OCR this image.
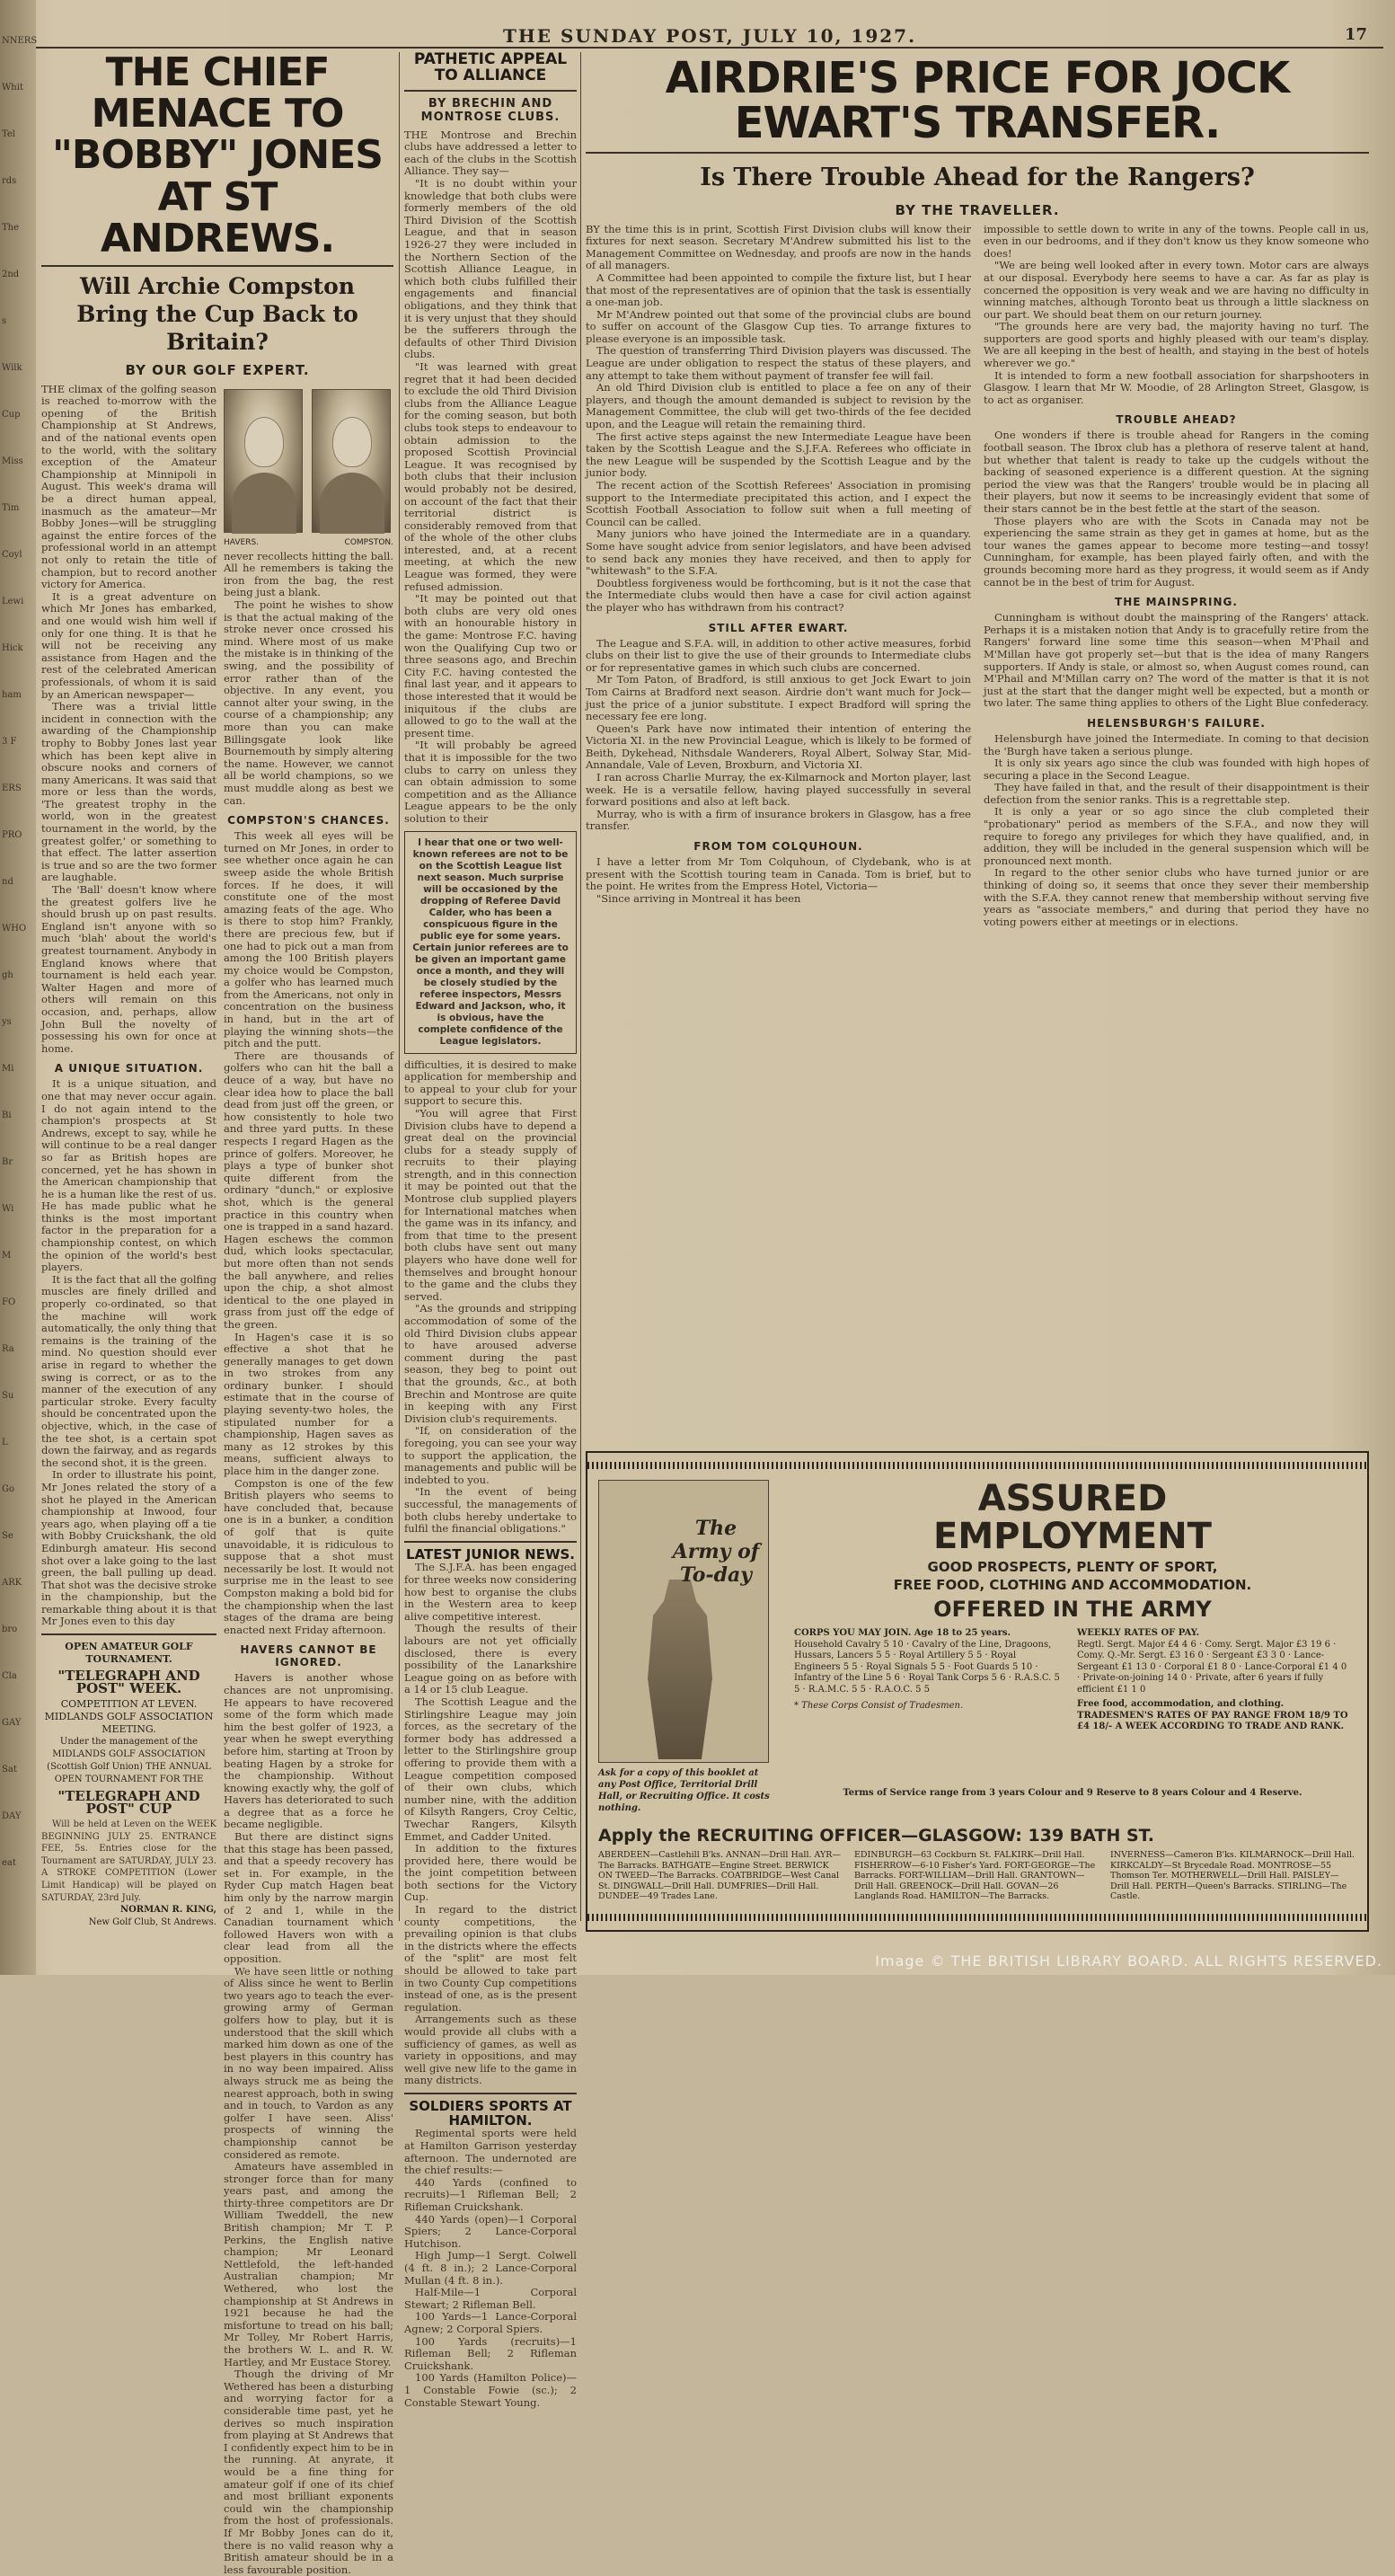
NNERS
Whit
Tel
rds
The
2nd
s
Wilk
Cup
Miss
Tim
Coyl
Lewi
Hick
ham
3 F
ERS
PRO
nd
WHO
gh
ys
Mi
Bi
Br
Wi
M
FO
Ra
Su
L
Go
Se
ARK
bro
Cla
GAY
Sat
DAY
eat
THE SUNDAY POST, JULY 10, 1927.	17
THE CHIEF MENACE TO "BOBBY" JONES AT ST ANDREWS.
Will Archie Compston Bring the Cup Back to Britain?
BY OUR GOLF EXPERT.

THE climax of the golfing season is reached to-morrow with the opening of the British Championship at St Andrews, and of the national events open to the world, with the solitary exception of the Amateur Championship at Minnipoli in August. This week's drama will be a direct human appeal, inasmuch as the amateur—Mr Bobby Jones—will be struggling against the entire forces of the professional world in an attempt not only to retain the title of champion, but to record another victory for America.

It is a great adventure on which Mr Jones has embarked, and one would wish him well if only for one thing. It is that he will not be receiving any assistance from Hagen and the rest of the celebrated American professionals, of whom it is said by an American newspaper—

There was a trivial little incident in connection with the awarding of the Championship trophy to Bobby Jones last year which has been kept alive in obscure nooks and corners of many Americans. It was said that more or less than the words, 'The greatest trophy in the world, won in the greatest tournament in the world, by the greatest golfer,' or something to that effect. The latter assertion is true and so are the two former are laughable.

The 'Ball' doesn't know where the greatest golfers live he should brush up on past results. England isn't anyone with so much 'blah' about the world's greatest tournament. Anybody in England knows where that tournament is held each year. Walter Hagen and more of others will remain on this occasion, and, perhaps, allow John Bull the novelty of possessing his own for once at home.

A UNIQUE SITUATION.

It is a unique situation, and one that may never occur again. I do not again intend to the champion's prospects at St Andrews, except to say, while he will continue to be a real danger so far as British hopes are concerned, yet he has shown in the American championship that he is a human like the rest of us. He has made public what he thinks is the most important factor in the preparation for a championship contest, on which the opinion of the world's best players.

It is the fact that all the golfing muscles are finely drilled and properly co-ordinated, so that the machine will work automatically, the only thing that remains is the training of the mind. No question should ever arise in regard to whether the swing is correct, or as to the manner of the execution of any particular stroke. Every faculty should be concentrated upon the objective, which, in the case of the tee shot, is a certain spot down the fairway, and as regards the second shot, it is the green.

In order to illustrate his point, Mr Jones related the story of a shot he played in the American championship at Inwood, four years ago, when playing off a tie with Bobby Cruickshank, the old Edinburgh amateur. His second shot over a lake going to the last green, the ball pulling up dead. That shot was the decisive stroke in the championship, but the remarkable thing about it is that Mr Jones even to this day

OPEN AMATEUR GOLF TOURNAMENT.
"TELEGRAPH AND POST" WEEK.
COMPETITION AT LEVEN. MIDLANDS GOLF ASSOCIATION MEETING.
Under the management of the MIDLANDS GOLF ASSOCIATION (Scottish Golf Union) THE ANNUAL OPEN TOURNAMENT FOR THE
"TELEGRAPH AND POST" CUP

Will be held at Leven on the WEEK BEGINNING JULY 25. ENTRANCE FEE, 5s. Entries close for the Tournament are SATURDAY, JULY 23. A STROKE COMPETITION (Lower Limit Handicap) will be played on SATURDAY, 23rd July.

NORMAN R. KING,
New Golf Club, St Andrews.
HAVERS.	COMPSTON.

never recollects hitting the ball. All he remembers is taking the iron from the bag, the rest being just a blank.

The point he wishes to show is that the actual making of the stroke never once crossed his mind. Where most of us make the mistake is in thinking of the swing, and the possibility of error rather than of the objective. In any event, you cannot alter your swing, in the course of a championship; any more than you can make Billingsgate look like Bournemouth by simply altering the name. However, we cannot all be world champions, so we must muddle along as best we can.

COMPSTON'S CHANCES.

This week all eyes will be turned on Mr Jones, in order to see whether once again he can sweep aside the whole British forces. If he does, it will constitute one of the most amazing feats of the age. Who is there to stop him? Frankly, there are precious few, but if one had to pick out a man from among the 100 British players my choice would be Compston, a golfer who has learned much from the Americans, not only in concentration on the business in hand, but in the art of playing the winning shots—the pitch and the putt.

There are thousands of golfers who can hit the ball a deuce of a way, but have no clear idea how to place the ball dead from just off the green, or how consistently to hole two and three yard putts. In these respects I regard Hagen as the prince of golfers. Moreover, he plays a type of bunker shot quite different from the ordinary "dunch," or explosive shot, which is the general practice in this country when one is trapped in a sand hazard. Hagen eschews the common dud, which looks spectacular, but more often than not sends the ball anywhere, and relies upon the chip, a shot almost identical to the one played in grass from just off the edge of the green.

In Hagen's case it is so effective a shot that he generally manages to get down in two strokes from any ordinary bunker. I should estimate that in the course of playing seventy-two holes, the stipulated number for a championship, Hagen saves as many as 12 strokes by this means, sufficient always to place him in the danger zone.

Compston is one of the few British players who seems to have concluded that, because one is in a bunker, a condition of golf that is quite unavoidable, it is ridiculous to suppose that a shot must necessarily be lost. It would not surprise me in the least to see Compston making a bold bid for the championship when the last stages of the drama are being enacted next Friday afternoon.

HAVERS CANNOT BE IGNORED.

Havers is another whose chances are not unpromising. He appears to have recovered some of the form which made him the best golfer of 1923, a year when he swept everything before him, starting at Troon by beating Hagen by a stroke for the championship. Without knowing exactly why, the golf of Havers has deteriorated to such a degree that as a force he became negligible.

But there are distinct signs that this stage has been passed, and that a speedy recovery has set in. For example, in the Ryder Cup match Hagen beat him only by the narrow margin of 2 and 1, while in the Canadian tournament which followed Havers won with a clear lead from all the opposition.

We have seen little or nothing of Aliss since he went to Berlin two years ago to teach the ever-growing army of German golfers how to play, but it is understood that the skill which marked him down as one of the best players in this country has in no way been impaired. Aliss always struck me as being the nearest approach, both in swing and in touch, to Vardon as any golfer I have seen. Aliss' prospects of winning the championship cannot be considered as remote.

Amateurs have assembled in stronger force than for many years past, and among the thirty-three competitors are Dr William Tweddell, the new British champion; Mr T. P. Perkins, the English native champion; Mr Leonard Nettlefold, the left-handed Australian champion; Mr Wethered, who lost the championship at St Andrews in 1921 because he had the misfortune to tread on his ball; Mr Tolley, Mr Robert Harris, the brothers W. L. and R. W. Hartley, and Mr Eustace Storey.

Though the driving of Mr Wethered has been a disturbing and worrying factor for a considerable time past, yet he derives so much inspiration from playing at St Andrews that I confidently expect him to be in the running. At anyrate, it would be a fine thing for amateur golf if one of its chief and most brilliant exponents could win the championship from the host of professionals. If Mr Bobby Jones can do it, there is no valid reason why a British amateur should be in a less favourable position.

PATHETIC APPEAL TO ALLIANCE
BY BRECHIN AND MONTROSE CLUBS.

THE Montrose and Brechin clubs have addressed a letter to each of the clubs in the Scottish Alliance. They say—

"It is no doubt within your knowledge that both clubs were formerly members of the old Third Division of the Scottish League, and that in season 1926-27 they were included in the Northern Section of the Scottish Alliance League, in which both clubs fulfilled their engagements and financial obligations, and they think that it is very unjust that they should be the sufferers through the defaults of other Third Division clubs.

"It was learned with great regret that it had been decided to exclude the old Third Division clubs from the Alliance League for the coming season, but both clubs took steps to endeavour to obtain admission to the proposed Scottish Provincial League. It was recognised by both clubs that their inclusion would probably not be desired, on account of the fact that their territorial district is considerably removed from that of the whole of the other clubs interested, and, at a recent meeting, at which the new League was formed, they were refused admission.

"It may be pointed out that both clubs are very old ones with an honourable history in the game: Montrose F.C. having won the Qualifying Cup two or three seasons ago, and Brechin City F.C. having contested the final last year, and it appears to those interested that it would be iniquitous if the clubs are allowed to go to the wall at the present time.

"It will probably be agreed that it is impossible for the two clubs to carry on unless they can obtain admission to some competition and as the Alliance League appears to be the only solution to their

I hear that one or two well-known referees are not to be on the Scottish League list next season. Much surprise will be occasioned by the dropping of Referee David Calder, who has been a conspicuous figure in the public eye for some years. Certain junior referees are to be given an important game once a month, and they will be closely studied by the referee inspectors, Messrs Edward and Jackson, who, it is obvious, have the complete confidence of the League legislators.

difficulties, it is desired to make application for membership and to appeal to your club for your support to secure this.

"You will agree that First Division clubs have to depend a great deal on the provincial clubs for a steady supply of recruits to their playing strength, and in this connection it may be pointed out that the Montrose club supplied players for International matches when the game was in its infancy, and from that time to the present both clubs have sent out many players who have done well for themselves and brought honour to the game and the clubs they served.

"As the grounds and stripping accommodation of some of the old Third Division clubs appear to have aroused adverse comment during the past season, they beg to point out that the grounds, &c., at both Brechin and Montrose are quite in keeping with any First Division club's requirements.

"If, on consideration of the foregoing, you can see your way to support the application, the managements and public will be indebted to you.

"In the event of being successful, the managements of both clubs hereby undertake to fulfil the financial obligations."

LATEST JUNIOR NEWS.

The S.J.F.A. has been engaged for three weeks now considering how best to organise the clubs in the Western area to keep alive competitive interest.

Though the results of their labours are not yet officially disclosed, there is every possibility of the Lanarkshire League going on as before with a 14 or 15 club League.

The Scottish League and the Stirlingshire League may join forces, as the secretary of the former body has addressed a letter to the Stirlingshire group offering to provide them with a League competition composed of their own clubs, which number nine, with the addition of Kilsyth Rangers, Croy Celtic, Twechar Rangers, Kilsyth Emmet, and Cadder United.

In addition to the fixtures provided here, there would be the joint competition between both sections for the Victory Cup.

In regard to the district county competitions, the prevailing opinion is that clubs in the districts where the effects of the "split" are most felt should be allowed to take part in two County Cup competitions instead of one, as is the present regulation.

Arrangements such as these would provide all clubs with a sufficiency of games, as well as variety in oppositions, and may well give new life to the game in many districts.

SOLDIERS SPORTS AT HAMILTON.

Regimental sports were held at Hamilton Garrison yesterday afternoon. The undernoted are the chief results:—

440 Yards (confined to recruits)—1 Rifleman Bell; 2 Rifleman Cruickshank.

440 Yards (open)—1 Corporal Spiers; 2 Lance-Corporal Hutchison.

High Jump—1 Sergt. Colwell (4 ft. 8 in.); 2 Lance-Corporal Mullan (4 ft. 8 in.).

Half-Mile—1 Corporal Stewart; 2 Rifleman Bell.

100 Yards—1 Lance-Corporal Agnew; 2 Corporal Spiers.

100 Yards (recruits)—1 Rifleman Bell; 2 Rifleman Cruickshank.

100 Yards (Hamilton Police)—1 Constable Fowie (sc.); 2 Constable Stewart Young.

AIRDRIE'S PRICE FOR JOCK EWART'S TRANSFER.
Is There Trouble Ahead for the Rangers?
BY THE TRAVELLER.

BY the time this is in print, Scottish First Division clubs will know their fixtures for next season. Secretary M'Andrew submitted his list to the Management Committee on Wednesday, and proofs are now in the hands of all managers.

A Committee had been appointed to compile the fixture list, but I hear that most of the representatives are of opinion that the task is essentially a one-man job.

Mr M'Andrew pointed out that some of the provincial clubs are bound to suffer on account of the Glasgow Cup ties. To arrange fixtures to please everyone is an impossible task.

The question of transferring Third Division players was discussed. The League are under obligation to respect the status of these players, and any attempt to take them without payment of transfer fee will fail.

An old Third Division club is entitled to place a fee on any of their players, and though the amount demanded is subject to revision by the Management Committee, the club will get two-thirds of the fee decided upon, and the League will retain the remaining third.

The first active steps against the new Intermediate League have been taken by the Scottish League and the S.J.F.A. Referees who officiate in the new League will be suspended by the Scottish League and by the junior body.

The recent action of the Scottish Referees' Association in promising support to the Intermediate precipitated this action, and I expect the Scottish Football Association to follow suit when a full meeting of Council can be called.

Many juniors who have joined the Intermediate are in a quandary. Some have sought advice from senior legislators, and have been advised to send back any monies they have received, and then to apply for "whitewash" to the S.F.A.

Doubtless forgiveness would be forthcoming, but is it not the case that the Intermediate clubs would then have a case for civil action against the player who has withdrawn from his contract?

STILL AFTER EWART.

The League and S.F.A. will, in addition to other active measures, forbid clubs on their list to give the use of their grounds to Intermediate clubs or for representative games in which such clubs are concerned.

Mr Tom Paton, of Bradford, is still anxious to get Jock Ewart to join Tom Cairns at Bradford next season. Airdrie don't want much for Jock—just the price of a junior substitute. I expect Bradford will spring the necessary fee ere long.

Queen's Park have now intimated their intention of entering the Victoria XI. in the new Provincial League, which is likely to be formed of Beith, Dykehead, Nithsdale Wanderers, Royal Albert, Solway Star, Mid-Annandale, Vale of Leven, Broxburn, and Victoria XI.

I ran across Charlie Murray, the ex-Kilmarnock and Morton player, last week. He is a versatile fellow, having played successfully in several forward positions and also at left back.

Murray, who is with a firm of insurance brokers in Glasgow, has a free transfer.

FROM TOM COLQUHOUN.

I have a letter from Mr Tom Colquhoun, of Clydebank, who is at present with the Scottish touring team in Canada. Tom is brief, but to the point. He writes from the Empress Hotel, Victoria—

"Since arriving in Montreal it has been

impossible to settle down to write in any of the towns. People call in us, even in our bedrooms, and if they don't know us they know someone who does!

"We are being well looked after in every town. Motor cars are always at our disposal. Everybody here seems to have a car. As far as play is concerned the opposition is very weak and we are having no difficulty in winning matches, although Toronto beat us through a little slackness on our part. We should beat them on our return journey.

"The grounds here are very bad, the majority having no turf. The supporters are good sports and highly pleased with our team's display. We are all keeping in the best of health, and staying in the best of hotels wherever we go."

It is intended to form a new football association for sharpshooters in Glasgow. I learn that Mr W. Moodie, of 28 Arlington Street, Glasgow, is to act as organiser.

TROUBLE AHEAD?

One wonders if there is trouble ahead for Rangers in the coming football season. The Ibrox club has a plethora of reserve talent at hand, but whether that talent is ready to take up the cudgels without the backing of seasoned experience is a different question. At the signing period the view was that the Rangers' trouble would be in placing all their players, but now it seems to be increasingly evident that some of their stars cannot be in the best fettle at the start of the season.

Those players who are with the Scots in Canada may not be experiencing the same strain as they get in games at home, but as the tour wanes the games appear to become more testing—and tossy! Cunningham, for example, has been played fairly often, and with the grounds becoming more hard as they progress, it would seem as if Andy cannot be in the best of trim for August.

THE MAINSPRING.

Cunningham is without doubt the mainspring of the Rangers' attack. Perhaps it is a mistaken notion that Andy is to gracefully retire from the Rangers' forward line some time this season—when M'Phail and M'Millan have got properly set—but that is the idea of many Rangers supporters. If Andy is stale, or almost so, when August comes round, can M'Phail and M'Millan carry on? The word of the matter is that it is not just at the start that the danger might well be expected, but a month or two later. The same thing applies to others of the Light Blue confederacy.

HELENSBURGH'S FAILURE.

Helensburgh have joined the Intermediate. In coming to that decision the 'Burgh have taken a serious plunge.

It is only six years ago since the club was founded with high hopes of securing a place in the Second League.

They have failed in that, and the result of their disappointment is their defection from the senior ranks. This is a regrettable step.

It is only a year or so ago since the club completed their "probationary" period as members of the S.F.A., and now they will require to forego any privileges for which they have qualified, and, in addition, they will be included in the general suspension which will be pronounced next month.

In regard to the other senior clubs who have turned junior or are thinking of doing so, it seems that once they sever their membership with the S.F.A. they cannot renew that membership without serving five years as "associate members," and during that period they have no voting powers either at meetings or in elections.

The Army of To-day
Ask for a copy of this booklet at any Post Office, Territorial Drill Hall, or Recruiting Office. It costs nothing.
ASSURED
EMPLOYMENT
GOOD PROSPECTS, PLENTY OF SPORT,
FREE FOOD, CLOTHING AND ACCOMMODATION.
OFFERED IN THE ARMY
CORPS YOU MAY JOIN. Age 18 to 25 years.
Household Cavalry 5 10 · Cavalry of the Line, Dragoons, Hussars, Lancers 5 5 · Royal Artillery 5 5 · Royal Engineers 5 5 · Royal Signals 5 5 · Foot Guards 5 10 · Infantry of the Line 5 6 · Royal Tank Corps 5 6 · R.A.S.C. 5 5 · R.A.M.C. 5 5 · R.A.O.C. 5 5
* These Corps Consist of Tradesmen.
WEEKLY RATES OF PAY.
Regtl. Sergt. Major £4 4 6 · Comy. Sergt. Major £3 19 6 · Comy. Q.-Mr. Sergt. £3 16 0 · Sergeant £3 3 0 · Lance-Sergeant £1 13 0 · Corporal £1 8 0 · Lance-Corporal £1 4 0 · Private-on-joining 14 0 · Private, after 6 years if fully efficient £1 1 0
Free food, accommodation, and clothing. TRADESMEN'S RATES OF PAY RANGE FROM 18/9 TO £4 18/- A WEEK ACCORDING TO TRADE AND RANK.
Terms of Service range from 3 years Colour and 9 Reserve to 8 years Colour and 4 Reserve.
Apply the RECRUITING OFFICER—GLASGOW: 139 BATH ST.
ABERDEEN—Castlehill B'ks. ANNAN—Drill Hall. AYR—The Barracks. BATHGATE—Engine Street. BERWICK ON TWEED—The Barracks. COATBRIDGE—West Canal St. DINGWALL—Drill Hall. DUMFRIES—Drill Hall. DUNDEE—49 Trades Lane.
EDINBURGH—63 Cockburn St. FALKIRK—Drill Hall. FISHERROW—6-10 Fisher's Yard. FORT-GEORGE—The Barracks. FORT-WILLIAM—Drill Hall. GRANTOWN—Drill Hall. GREENOCK—Drill Hall. GOVAN—26 Langlands Road. HAMILTON—The Barracks.
INVERNESS—Cameron B'ks. KILMARNOCK—Drill Hall. KIRKCALDY—St Brycedale Road. MONTROSE—55 Thomson Ter. MOTHERWELL—Drill Hall. PAISLEY—Drill Hall. PERTH—Queen's Barracks. STIRLING—The Castle.
Image © THE BRITISH LIBRARY BOARD. ALL RIGHTS RESERVED.
